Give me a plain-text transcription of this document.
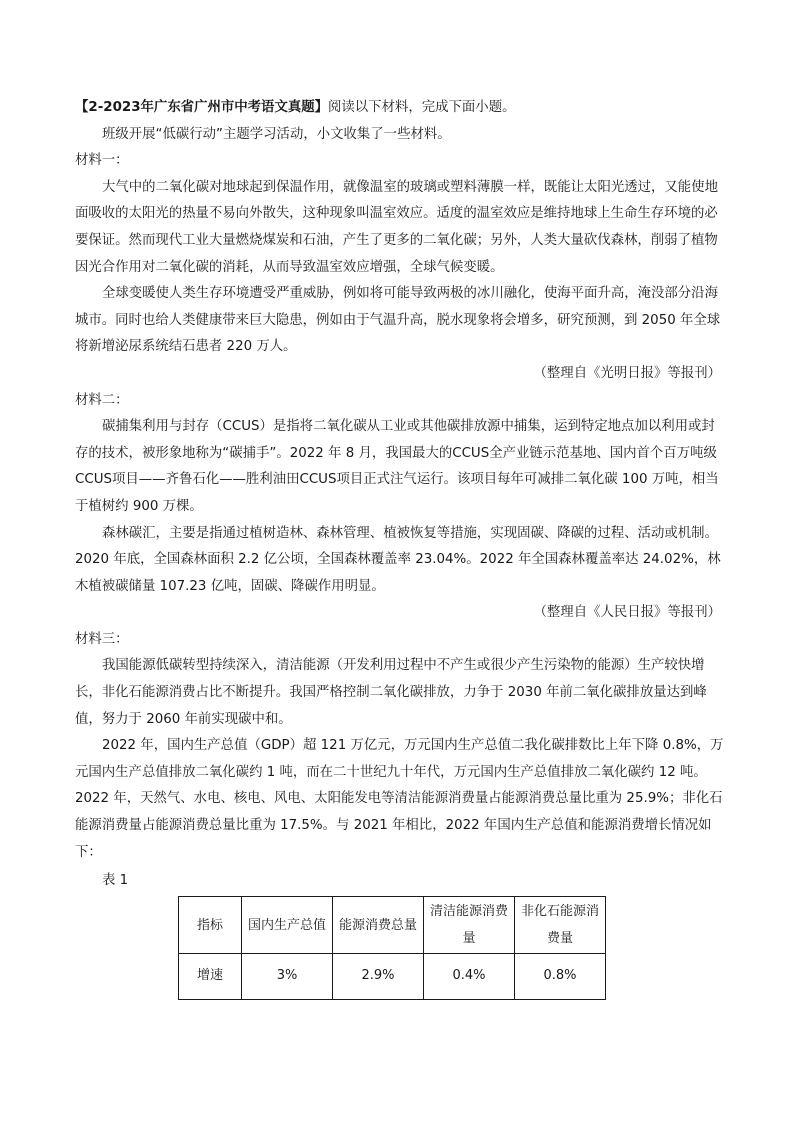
【2-2023年广东省广州市中考语文真题】阅读以下材料，完成下面小题。

班级开展“低碳行动”主题学习活动，小文收集了一些材料。

材料一：

大气中的二氧化碳对地球起到保温作用，就像温室的玻璃或塑料薄膜一样，既能让太阳光透过，又能使地面吸收的太阳光的热量不易向外散失，这种现象叫温室效应。适度的温室效应是维持地球上生命生存环境的必要保证。然而现代工业大量燃烧煤炭和石油，产生了更多的二氧化碳；另外，人类大量砍伐森林，削弱了植物因光合作用对二氧化碳的消耗，从而导致温室效应增强，全球气候变暖。

全球变暖使人类生存环境遭受严重威胁，例如将可能导致两极的冰川融化，使海平面升高，淹没部分沿海城市。同时也给人类健康带来巨大隐患，例如由于气温升高，脱水现象将会增多，研究预测，到 2050 年全球将新增泌尿系统结石患者 220 万人。

（整理自《光明日报》等报刊）

材料二：

碳捕集利用与封存（CCUS）是指将二氧化碳从工业或其他碳排放源中捕集，运到特定地点加以利用或封存的技术，被形象地称为“碳捕手”。2022 年 8 月，我国最大的CCUS全产业链示范基地、国内首个百万吨级CCUS项目——齐鲁石化——胜利油田CCUS项目正式注气运行。该项目每年可减排二氧化碳 100 万吨，相当于植树约 900 万棵。

森林碳汇，主要是指通过植树造林、森林管理、植被恢复等措施，实现固碳、降碳的过程、活动或机制。2020 年底，全国森林面积 2.2 亿公顷，全国森林覆盖率 23.04%。2022 年全国森林覆盖率达 24.02%，林木植被碳储量 107.23 亿吨，固碳、降碳作用明显。

（整理自《人民日报》等报刊）

材料三：

我国能源低碳转型持续深入，清洁能源（开发利用过程中不产生或很少产生污染物的能源）生产较快增长，非化石能源消费占比不断提升。我国严格控制二氧化碳排放，力争于 2030 年前二氧化碳排放量达到峰值，努力于 2060 年前实现碳中和。

2022 年，国内生产总值（GDP）超 121 万亿元，万元国内生产总值二我化碳排数比上年下降 0.8%，万元国内生产总值排放二氧化碳约 1 吨，而在二十世纪九十年代，万元国内生产总值排放二氧化碳约 12 吨。2022 年，天然气、水电、核电、风电、太阳能发电等清洁能源消费量占能源消费总量比重为 25.9%；非化石能源消费量占能源消费总量比重为 17.5%。与 2021 年相比，2022 年国内生产总值和能源消费增长情况如下：

表 1

指标	国内生产总值	能源消费总量	清洁能源消费量	非化石能源消费量
增速	3%	2.9%	0.4%	0.8%
